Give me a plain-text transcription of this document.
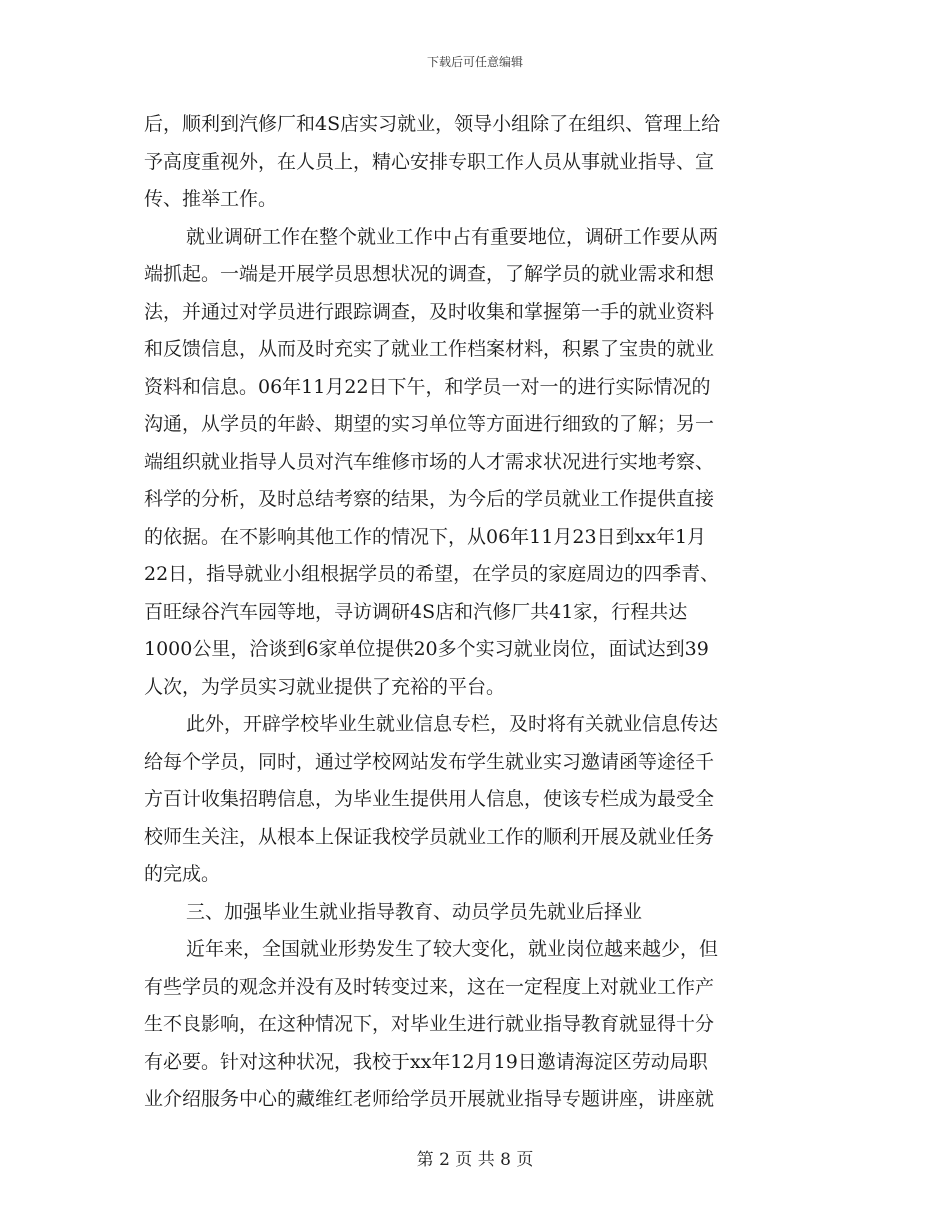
下载后可任意编辑
后，顺利到汽修厂和4S店实习就业，领导小组除了在组织、管理上给
予高度重视外，在人员上，精心安排专职工作人员从事就业指导、宣
传、推举工作。
就业调研工作在整个就业工作中占有重要地位，调研工作要从两
端抓起。一端是开展学员思想状况的调查，了解学员的就业需求和想
法，并通过对学员进行跟踪调查，及时收集和掌握第一手的就业资料
和反馈信息，从而及时充实了就业工作档案材料，积累了宝贵的就业
资料和信息。06年11月22日下午，和学员一对一的进行实际情况的
沟通，从学员的年龄、期望的实习单位等方面进行细致的了解；另一
端组织就业指导人员对汽车维修市场的人才需求状况进行实地考察、
科学的分析，及时总结考察的结果，为今后的学员就业工作提供直接
的依据。在不影响其他工作的情况下，从06年11月23日到xx年1月
22日，指导就业小组根据学员的希望，在学员的家庭周边的四季青、
百旺绿谷汽车园等地，寻访调研4S店和汽修厂共41家，行程共达
1000公里，洽谈到6家单位提供20多个实习就业岗位，面试达到39
人次，为学员实习就业提供了充裕的平台。
此外，开辟学校毕业生就业信息专栏，及时将有关就业信息传达
给每个学员，同时，通过学校网站发布学生就业实习邀请函等途径千
方百计收集招聘信息，为毕业生提供用人信息，使该专栏成为最受全
校师生关注，从根本上保证我校学员就业工作的顺利开展及就业任务
的完成。
三、加强毕业生就业指导教育、动员学员先就业后择业
近年来，全国就业形势发生了较大变化，就业岗位越来越少，但
有些学员的观念并没有及时转变过来，这在一定程度上对就业工作产
生不良影响，在这种情况下，对毕业生进行就业指导教育就显得十分
有必要。针对这种状况，我校于xx年12月19日邀请海淀区劳动局职
业介绍服务中心的藏维红老师给学员开展就业指导专题讲座，讲座就
第 2 页 共 8 页
